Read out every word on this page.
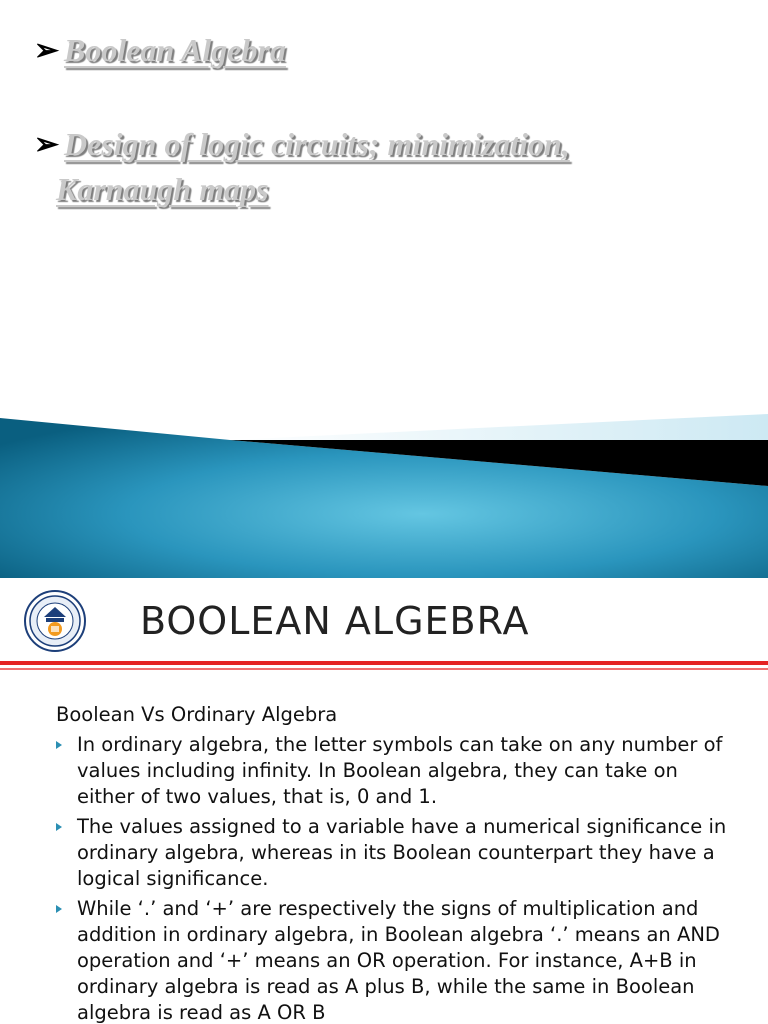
➢ Boolean Algebra
➢ Design of logic circuits; minimization,
Karnaugh maps
BOOLEAN ALGEBRA

Boolean Vs Ordinary Algebra

In ordinary algebra, the letter symbols can take on any number of values including infinity. In Boolean algebra, they can take on either of two values, that is, 0 and 1.
The values assigned to a variable have a numerical significance in ordinary algebra, whereas in its Boolean counterpart they have a logical significance.
While ‘.’ and ‘+’ are respectively the signs of multiplication and addition in ordinary algebra, in Boolean algebra ‘.’ means an AND operation and ‘+’ means an OR operation. For instance, A+B in ordinary algebra is read as A plus B, while the same in Boolean algebra is read as A OR B
